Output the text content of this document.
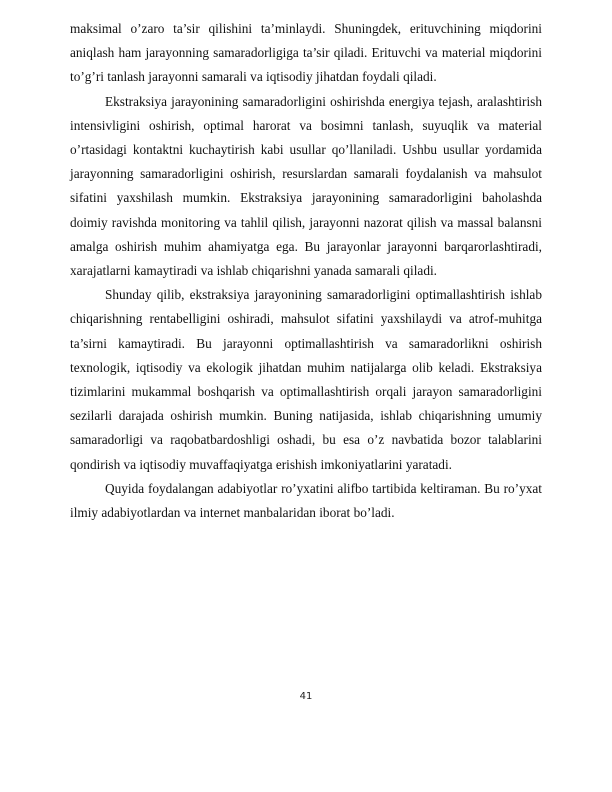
maksimal o’zaro ta’sir qilishini ta’minlaydi. Shuningdek, erituvchining miqdorini aniqlash ham jarayonning samaradorligiga ta’sir qiladi. Erituvchi va material miqdorini to’g’ri tanlash jarayonni samarali va iqtisodiy jihatdan foydali qiladi.

Ekstraksiya jarayonining samaradorligini oshirishda energiya tejash, aralashtirish intensivligini oshirish, optimal harorat va bosimni tanlash, suyuqlik va material o’rtasidagi kontaktni kuchaytirish kabi usullar qo’llaniladi. Ushbu usullar yordamida jarayonning samaradorligini oshirish, resurslardan samarali foydalanish va mahsulot sifatini yaxshilash mumkin. Ekstraksiya jarayonining samaradorligini baholashda doimiy ravishda monitoring va tahlil qilish, jarayonni nazorat qilish va massal balansni amalga oshirish muhim ahamiyatga ega. Bu jarayonlar jarayonni barqarorlashtiradi, xarajatlarni kamaytiradi va ishlab chiqarishni yanada samarali qiladi.

Shunday qilib, ekstraksiya jarayonining samaradorligini optimallashtirish ishlab chiqarishning rentabelligini oshiradi, mahsulot sifatini yaxshilaydi va atrof-muhitga ta’sirni kamaytiradi. Bu jarayonni optimallashtirish va samaradorlikni oshirish texnologik, iqtisodiy va ekologik jihatdan muhim natijalarga olib keladi. Ekstraksiya tizimlarini mukammal boshqarish va optimallashtirish orqali jarayon samaradorligini sezilarli darajada oshirish mumkin. Buning natijasida, ishlab chiqarishning umumiy samaradorligi va raqobatbardoshligi oshadi, bu esa o’z navbatida bozor talablarini qondirish va iqtisodiy muvaffaqiyatga erishish imkoniyatlarini yaratadi.

Quyida foydalangan adabiyotlar ro’yxatini alifbo tartibida keltiraman. Bu ro’yxat ilmiy adabiyotlardan va internet manbalaridan iborat bo’ladi.

41
